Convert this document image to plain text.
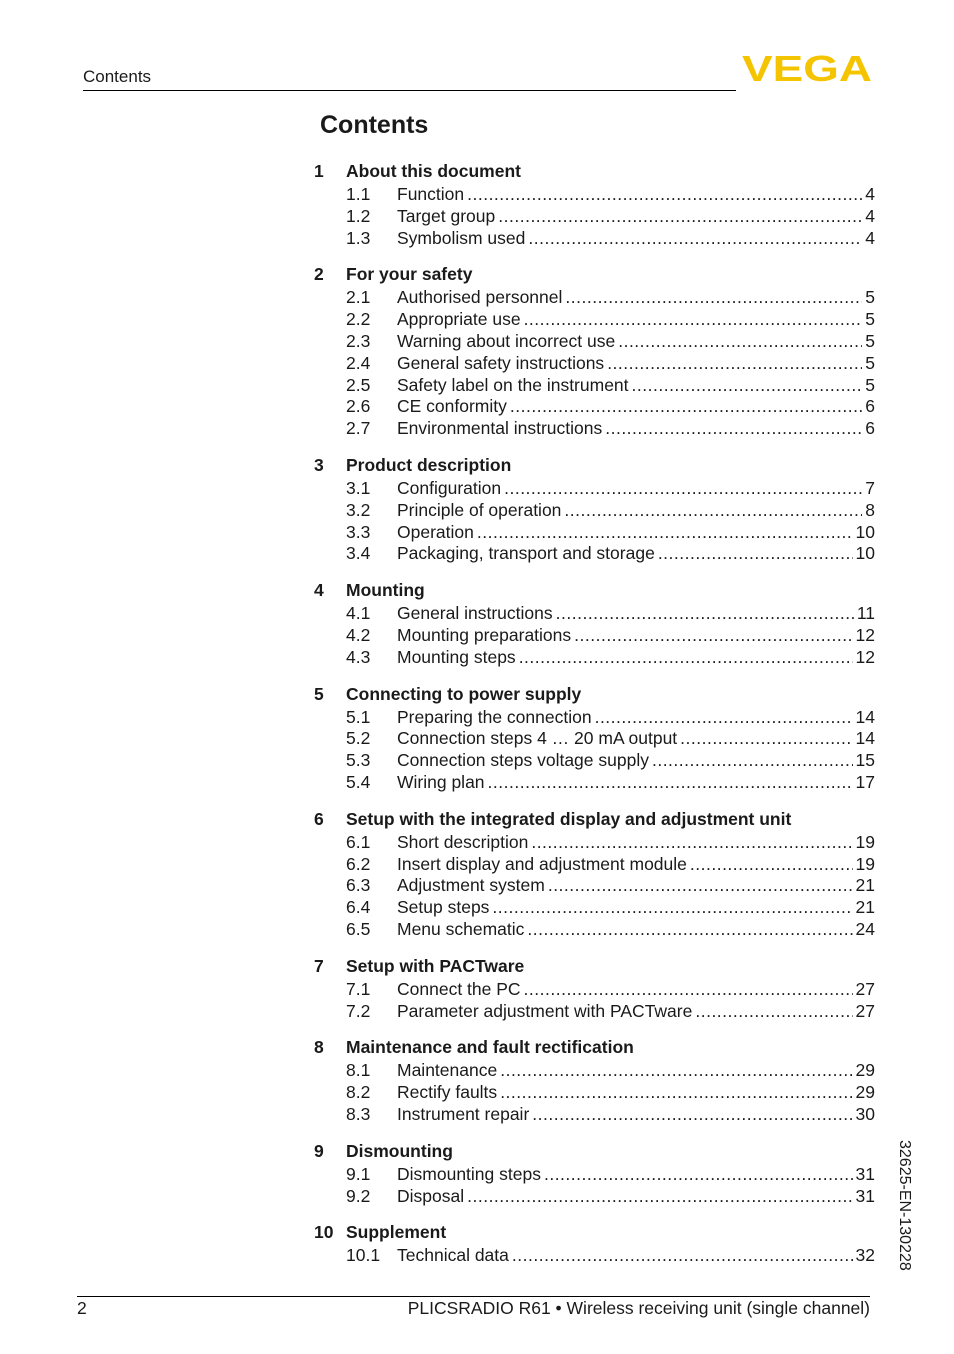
Contents	VEGA
Contents
1	About this document
1.1	Function .....	4
1.2	Target group .....	4
1.3	Symbolism used .....	4
2	For your safety
2.1	Authorised personnel .....	5
2.2	Appropriate use .....	5
2.3	Warning about incorrect use .....	5
2.4	General safety instructions .....	5
2.5	Safety label on the instrument .....	5
2.6	CE conformity .....	6
2.7	Environmental instructions .....	6
3	Product description
3.1	Configuration .....	7
3.2	Principle of operation .....	8
3.3	Operation .....	10
3.4	Packaging, transport and storage .....	10
4	Mounting
4.1	General instructions .....	11
4.2	Mounting preparations .....	12
4.3	Mounting steps .....	12
5	Connecting to power supply
5.1	Preparing the connection .....	14
5.2	Connection steps 4 … 20 mA output .....	14
5.3	Connection steps voltage supply .....	15
5.4	Wiring plan .....	17
6	Setup with the integrated display and adjustment unit
6.1	Short description .....	19
6.2	Insert display and adjustment module .....	19
6.3	Adjustment system .....	21
6.4	Setup steps .....	21
6.5	Menu schematic .....	24
7	Setup with PACTware
7.1	Connect the PC .....	27
7.2	Parameter adjustment with PACTware .....	27
8	Maintenance and fault rectification
8.1	Maintenance .....	29
8.2	Rectify faults .....	29
8.3	Instrument repair .....	30
9	Dismounting
9.1	Dismounting steps .....	31
9.2	Disposal .....	31
10 Supplement
10.1 Technical data .....	32 32625-EN-130228
2	PLICSRADIO R61 • Wireless receiving unit (single channel)
